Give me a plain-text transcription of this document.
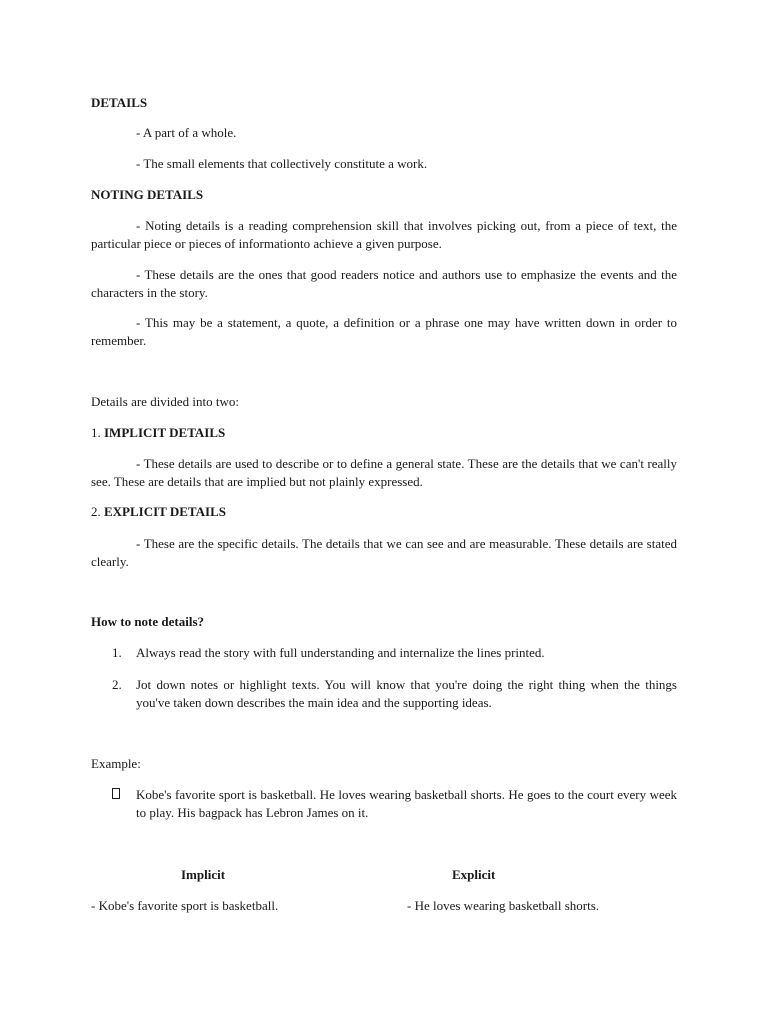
DETAILS
- A part of a whole.
- The small elements that collectively constitute a work.
NOTING DETAILS
- Noting details is a reading comprehension skill that involves picking out, from a piece of text, the particular piece or pieces of informationto achieve a given purpose.
- These details are the ones that good readers notice and authors use to emphasize the events and the characters in the story.
- This may be a statement, a quote, a definition or a phrase one may have written down in order to remember.
Details are divided into two:
1. IMPLICIT DETAILS
- These details are used to describe or to define a general state. These are the details that we can't really see. These are details that are implied but not plainly expressed.
2. EXPLICIT DETAILS
- These are the specific details. The details that we can see and are measurable. These details are stated clearly.
How to note details?
1.	Always read the story with full understanding and internalize the lines printed.
2.	Jot down notes or highlight texts. You will know that you're doing the right thing when the things you've taken down describes the main idea and the supporting ideas.
Example:
Kobe's favorite sport is basketball. He loves wearing basketball shorts. He goes to the court every week to play. His bagpack has Lebron James on it.
Implicit	Explicit
- Kobe's favorite sport is basketball.	- He loves wearing basketball shorts.
